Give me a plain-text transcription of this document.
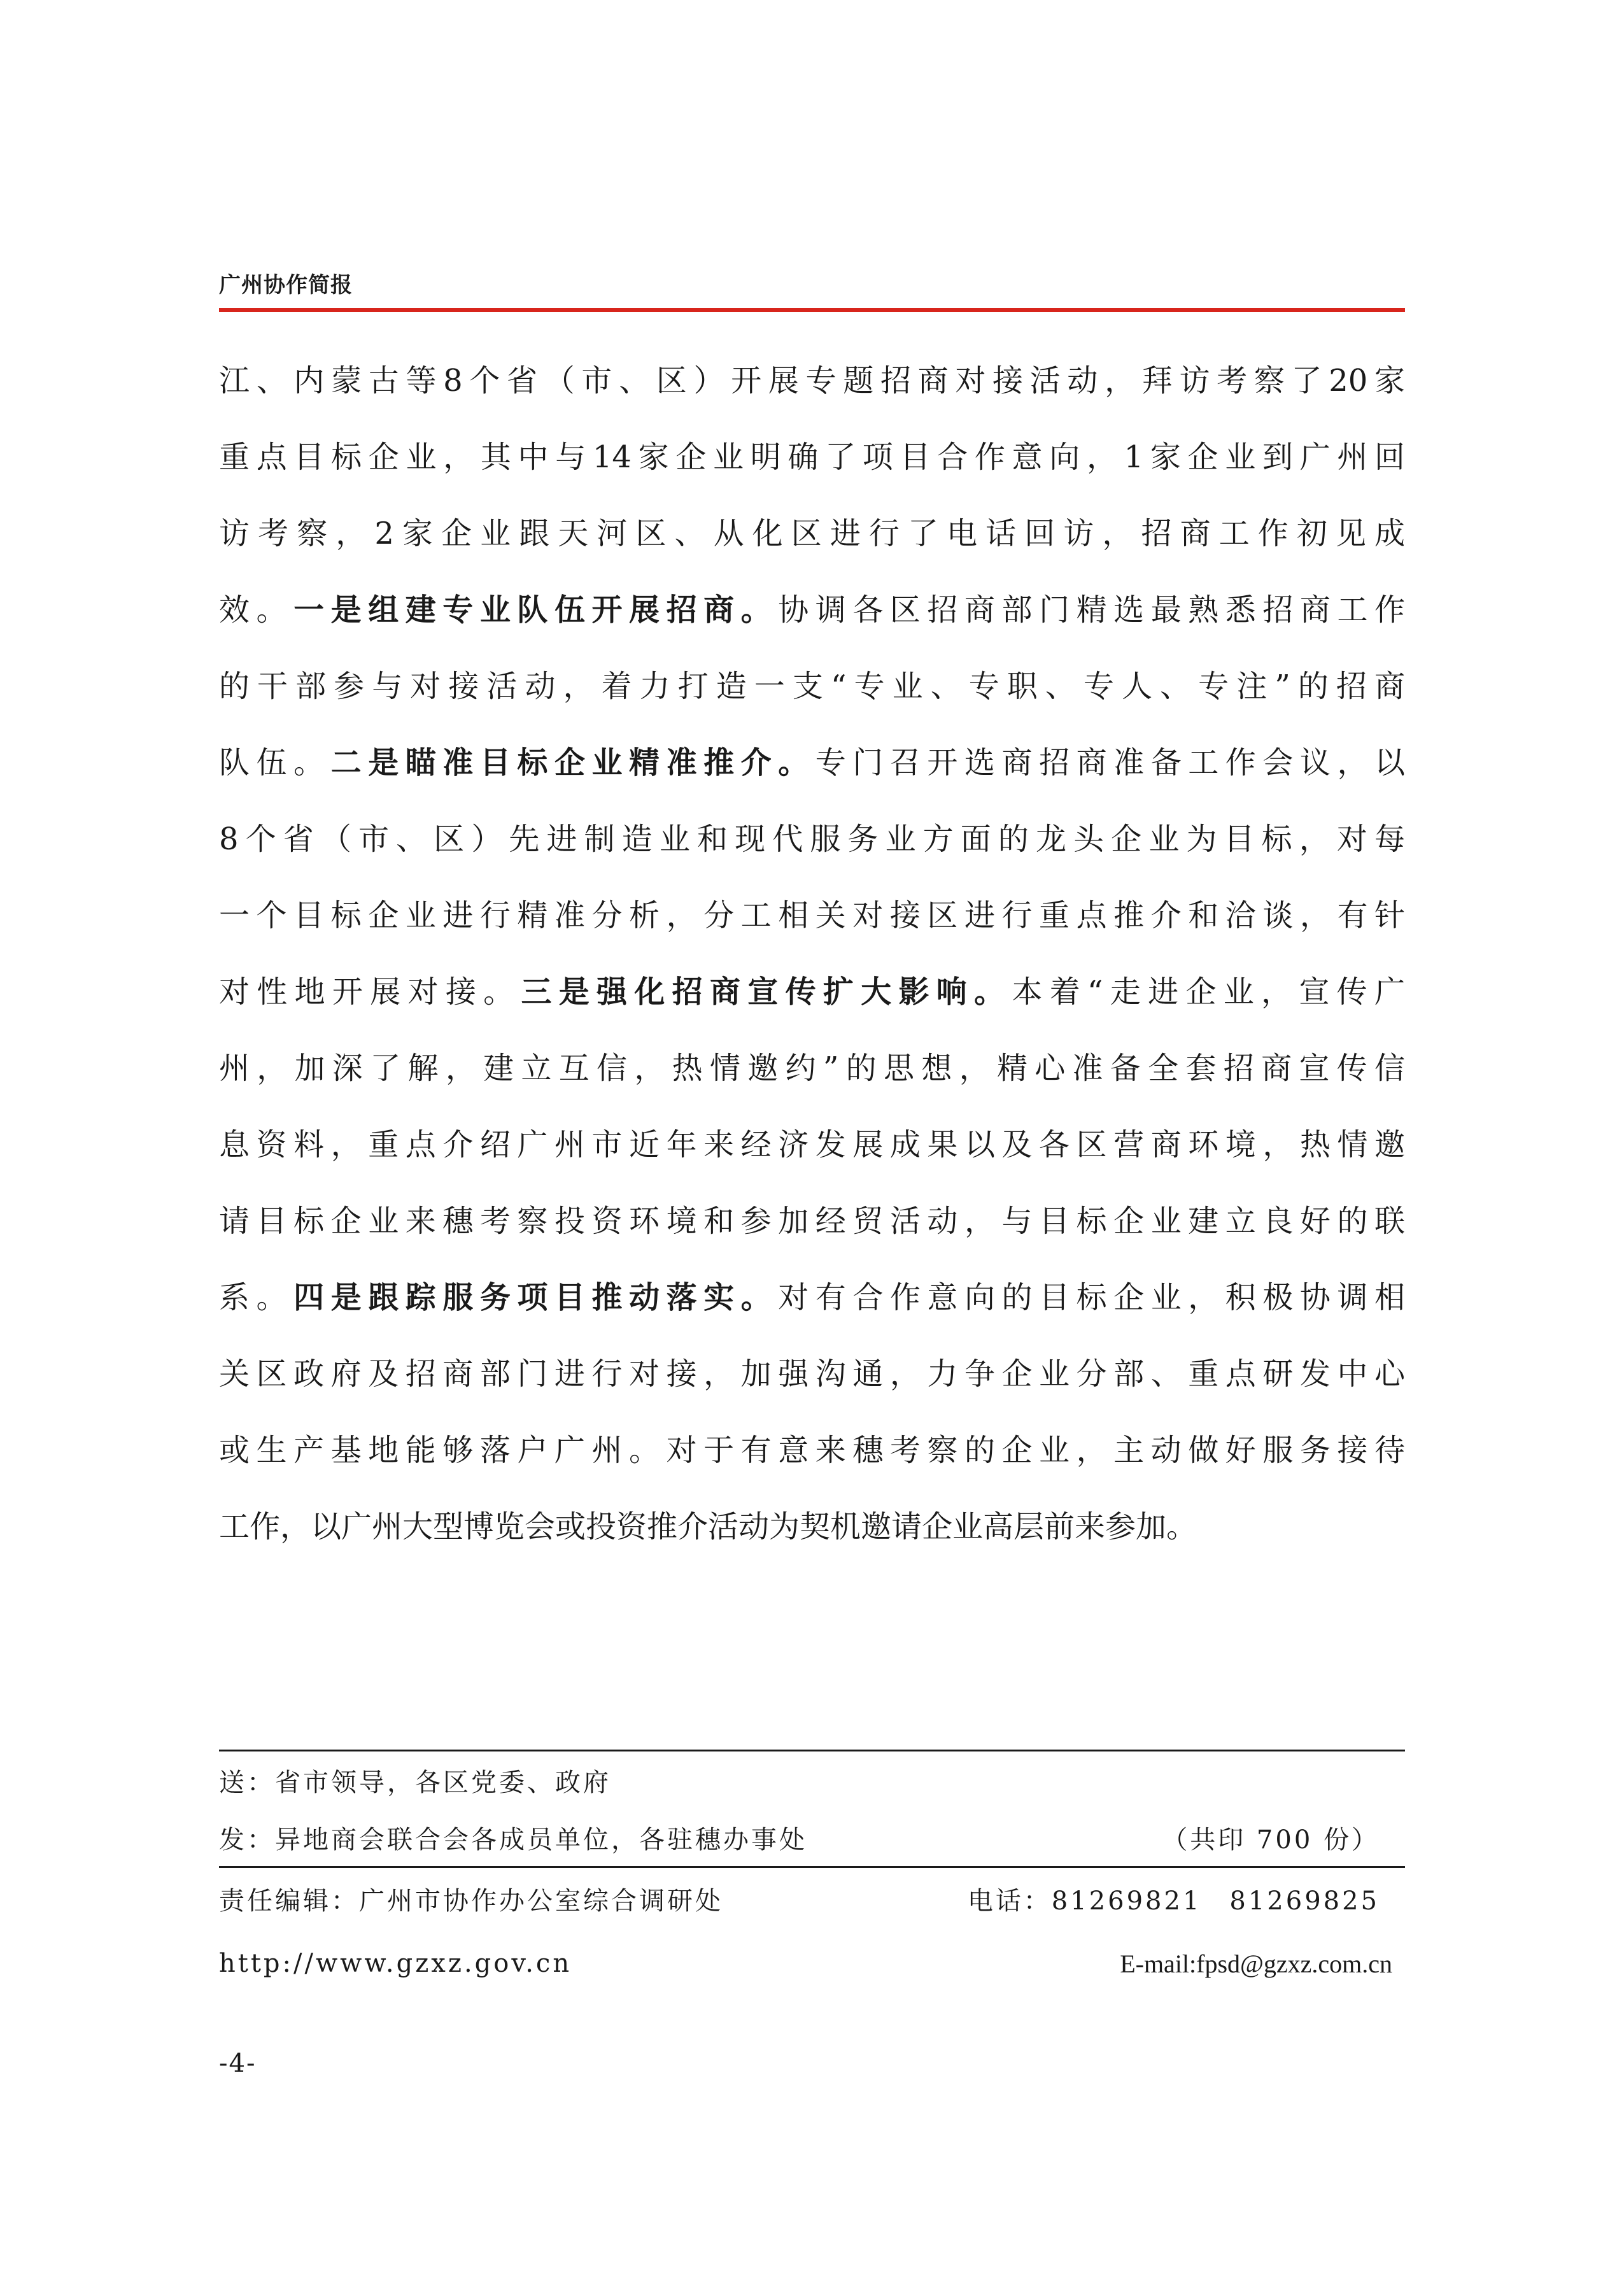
广州协作简报
江、内蒙古等8个省（市、区）开展专题招商对接活动，拜访考察了20家
重点目标企业，其中与14家企业明确了项目合作意向，1家企业到广州回
访考察，2家企业跟天河区、从化区进行了电话回访，招商工作初见成
效。一是组建专业队伍开展招商。协调各区招商部门精选最熟悉招商工作
的干部参与对接活动，着力打造一支“专业、专职、专人、专注”的招商
队伍。二是瞄准目标企业精准推介。专门召开选商招商准备工作会议，以
8个省（市、区）先进制造业和现代服务业方面的龙头企业为目标，对每
一个目标企业进行精准分析，分工相关对接区进行重点推介和洽谈，有针
对性地开展对接。三是强化招商宣传扩大影响。本着“走进企业，宣传广
州，加深了解，建立互信，热情邀约”的思想，精心准备全套招商宣传信
息资料，重点介绍广州市近年来经济发展成果以及各区营商环境，热情邀
请目标企业来穗考察投资环境和参加经贸活动，与目标企业建立良好的联
系。四是跟踪服务项目推动落实。对有合作意向的目标企业，积极协调相
关区政府及招商部门进行对接，加强沟通，力争企业分部、重点研发中心
或生产基地能够落户广州。对于有意来穗考察的企业，主动做好服务接待
工作，以广州大型博览会或投资推介活动为契机邀请企业高层前来参加。
送：省市领导，各区党委、政府
发：异地商会联合会各成员单位，各驻穗办事处	（共印 700 份）
责任编辑：广州市协作办公室综合调研处	电话：81269821　81269825
http://www.gzxz.gov.cn	E-mail:fpsd@gzxz.com.cn
-4-
